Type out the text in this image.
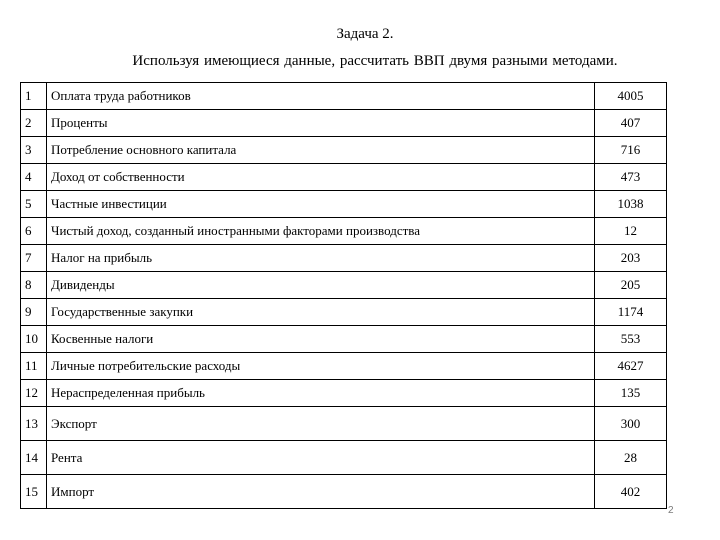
Задача 2.
Используя имеющиеся данные, рассчитать ВВП двумя разными методами.
1	Оплата труда работников	4005
2	Проценты	407
3	Потребление основного капитала	716
4	Доход от собственности	473
5	Частные инвестиции	1038
6	Чистый доход, созданный иностранными факторами производства	12
7	Налог на прибыль	203
8	Дивиденды	205
9	Государственные закупки	1174
10	Косвенные налоги	553
11	Личные потребительские расходы	4627
12	Нераспределенная прибыль	135
13	Экспорт	300
14	Рента	28
15	Импорт	402
2
